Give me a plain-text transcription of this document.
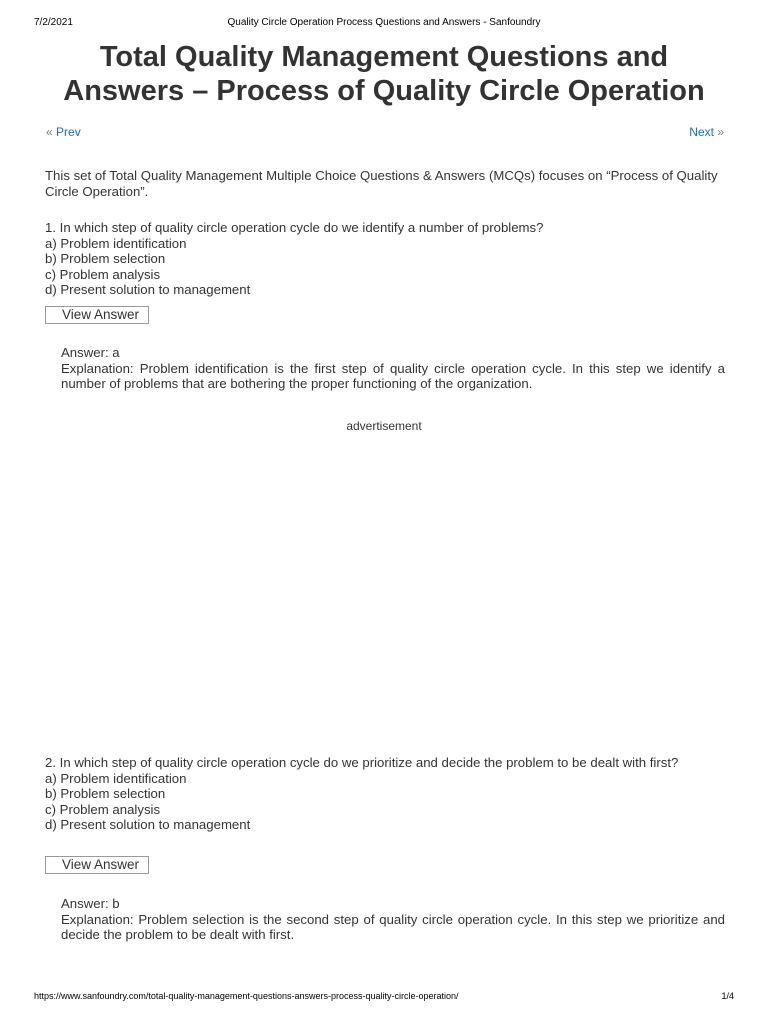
7/2/2021	Quality Circle Operation Process Questions and Answers - Sanfoundry
Total Quality Management Questions and
Answers – Process of Quality Circle Operation
« Prev	Next »
This set of Total Quality Management Multiple Choice Questions & Answers (MCQs) focuses on “Process of Quality Circle Operation”.

1. In which step of quality circle operation cycle do we identify a number of problems?

a) Problem identification

b) Problem selection

c) Problem analysis

d) Present solution to management

View Answer

Answer: a

Explanation: Problem identification is the first step of quality circle operation cycle. In this step we identify a number of problems that are bothering the proper functioning of the organization.

advertisement

2. In which step of quality circle operation cycle do we prioritize and decide the problem to be dealt with first?

a) Problem identification

b) Problem selection

c) Problem analysis

d) Present solution to management

View Answer

Answer: b

Explanation: Problem selection is the second step of quality circle operation cycle. In this step we prioritize and decide the problem to be dealt with first.

https://www.sanfoundry.com/total-quality-management-questions-answers-process-quality-circle-operation/	1/4
